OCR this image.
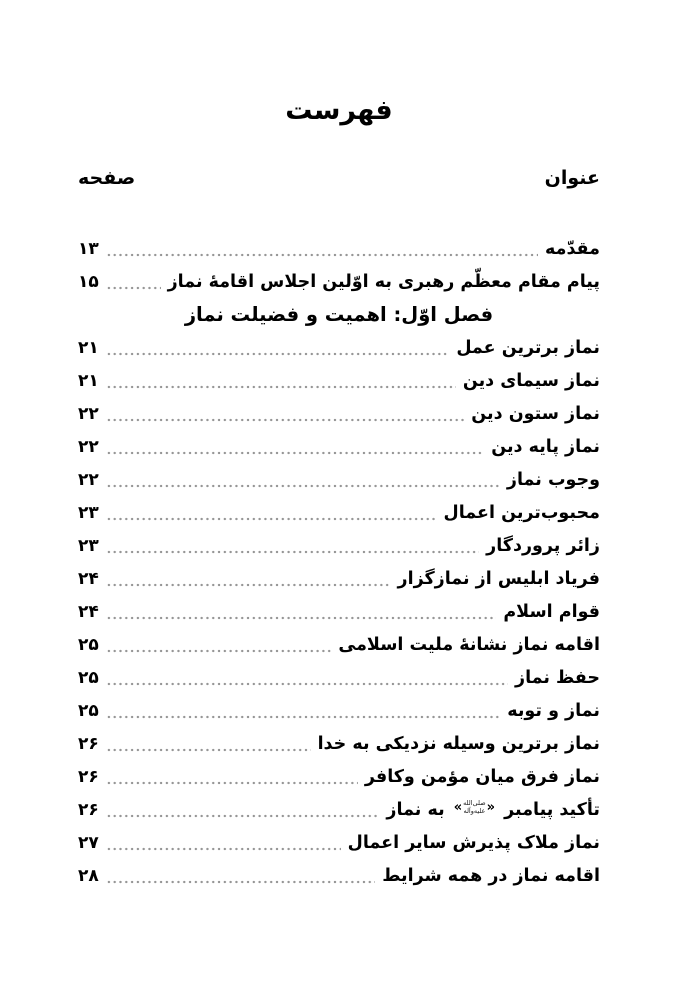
فهرست
عنوان
صفحه
مقدّمه
۱۳
پیام مقام معظّم رهبری به اوّلین اجلاس اقامهٔ نماز
۱۵
فصل اوّل: اهمیت و فضیلت نماز
نماز برترین عمل
۲۱
نماز سیمای دین
۲۱
نماز ستون دین
۲۲
نماز پایه دین
۲۲
وجوب نماز
۲۲
محبوب‌ترین اعمال
۲۳
زائر پروردگار
۲۳
فریاد ابلیس از نمازگزار
۲۴
قوام اسلام
۲۴
اقامه نماز نشانهٔ ملیت اسلامی
۲۵
حفظ نماز
۲۵
نماز و توبه
۲۵
نماز برترین وسیله نزدیکی به خدا
۲۶
نماز فرق میان مؤمن وکافر
۲۶
تأکید پیامبر
«
صلی‌الله
علیه‌وآله
»
به نماز
۲۶
نماز ملاک پذیرش سایر اعمال
۲۷
اقامه نماز در همه شرایط
۲۸
